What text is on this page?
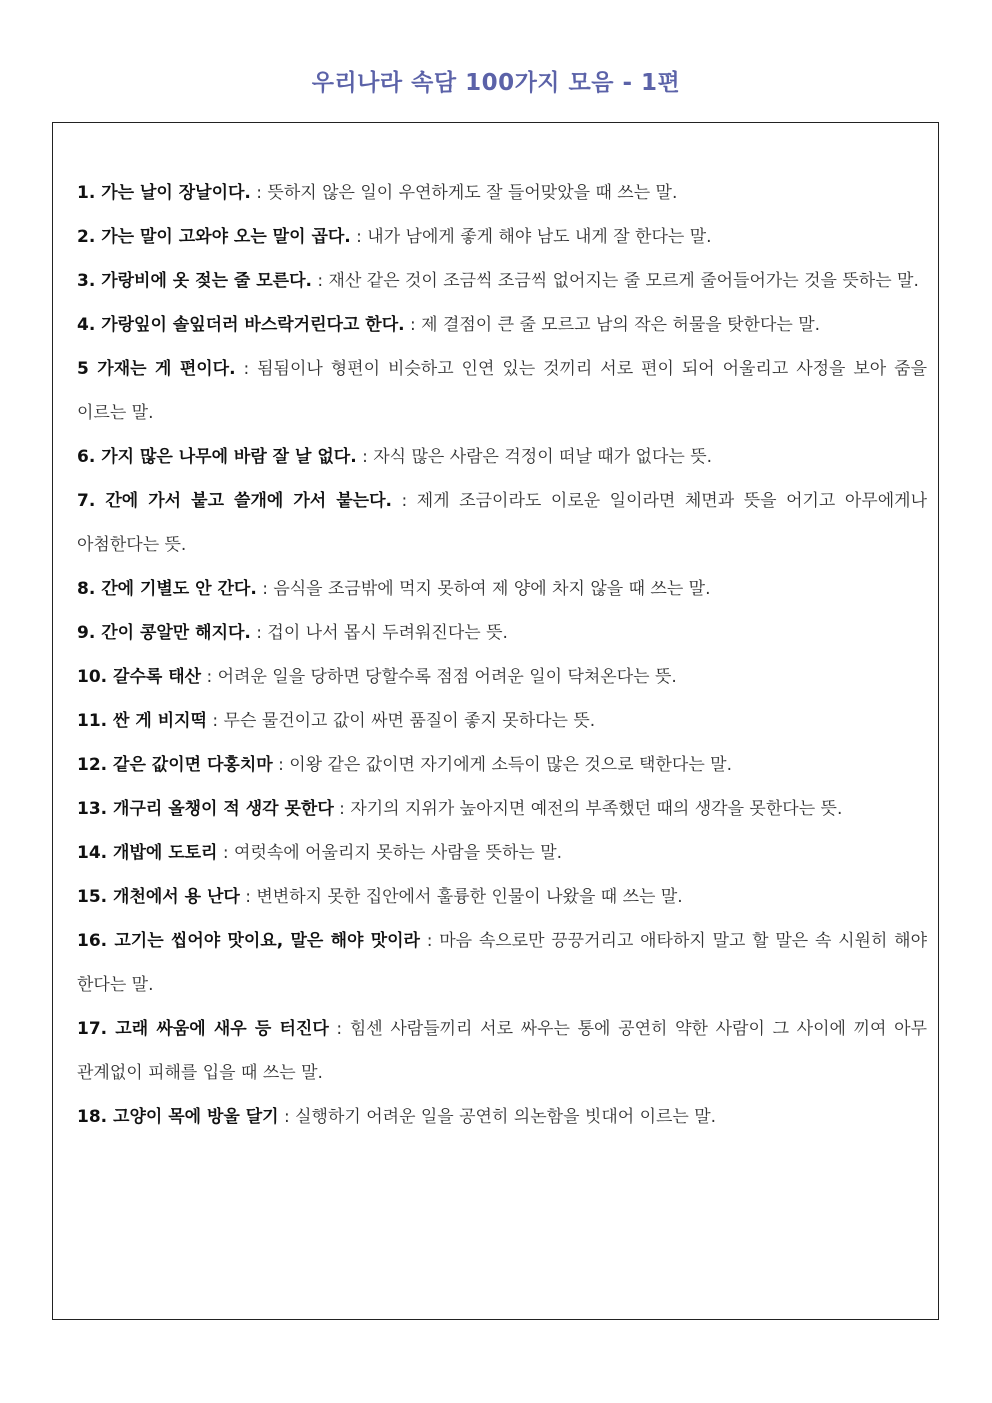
우리나라 속담 100가지 모음 - 1편
1. 가는 날이 장날이다. : 뜻하지 않은 일이 우연하게도 잘 들어맞았을 때 쓰는 말.
2. 가는 말이 고와야 오는 말이 곱다. : 내가 남에게 좋게 해야 남도 내게 잘 한다는 말.
3. 가랑비에 옷 젖는 줄 모른다. : 재산 같은 것이 조금씩 조금씩 없어지는 줄 모르게 줄어들어가는 것을 뜻하는 말.
4. 가랑잎이 솔잎더러 바스락거린다고 한다. : 제 결점이 큰 줄 모르고 남의 작은 허물을 탓한다는 말.
5 가재는 게 편이다. : 됨됨이나 형편이 비슷하고 인연 있는 것끼리 서로 편이 되어 어울리고 사정을 보아 줌을 이르는 말.
6. 가지 많은 나무에 바람 잘 날 없다. : 자식 많은 사람은 걱정이 떠날 때가 없다는 뜻.
7. 간에 가서 붙고 쓸개에 가서 붙는다. : 제게 조금이라도 이로운 일이라면 체면과 뜻을 어기고 아무에게나 아첨한다는 뜻.
8. 간에 기별도 안 간다. : 음식을 조금밖에 먹지 못하여 제 양에 차지 않을 때 쓰는 말.
9. 간이 콩알만 해지다. : 겁이 나서 몹시 두려워진다는 뜻.
10. 갈수록 태산 : 어려운 일을 당하면 당할수록 점점 어려운 일이 닥쳐온다는 뜻.
11. 싼 게 비지떡 : 무슨 물건이고 값이 싸면 품질이 좋지 못하다는 뜻.
12. 같은 값이면 다홍치마 : 이왕 같은 값이면 자기에게 소득이 많은 것으로 택한다는 말.
13. 개구리 올챙이 적 생각 못한다 : 자기의 지위가 높아지면 예전의 부족했던 때의 생각을 못한다는 뜻.
14. 개밥에 도토리 : 여럿속에 어울리지 못하는 사람을 뜻하는 말.
15. 개천에서 용 난다 : 변변하지 못한 집안에서 훌륭한 인물이 나왔을 때 쓰는 말.
16. 고기는 씹어야 맛이요, 말은 해야 맛이라 : 마음 속으로만 끙끙거리고 애타하지 말고 할 말은 속 시원히 해야 한다는 말.
17. 고래 싸움에 새우 등 터진다 : 힘센 사람들끼리 서로 싸우는 통에 공연히 약한 사람이 그 사이에 끼여 아무 관계없이 피해를 입을 때 쓰는 말.
18. 고양이 목에 방울 달기 : 실행하기 어려운 일을 공연히 의논함을 빗대어 이르는 말.
